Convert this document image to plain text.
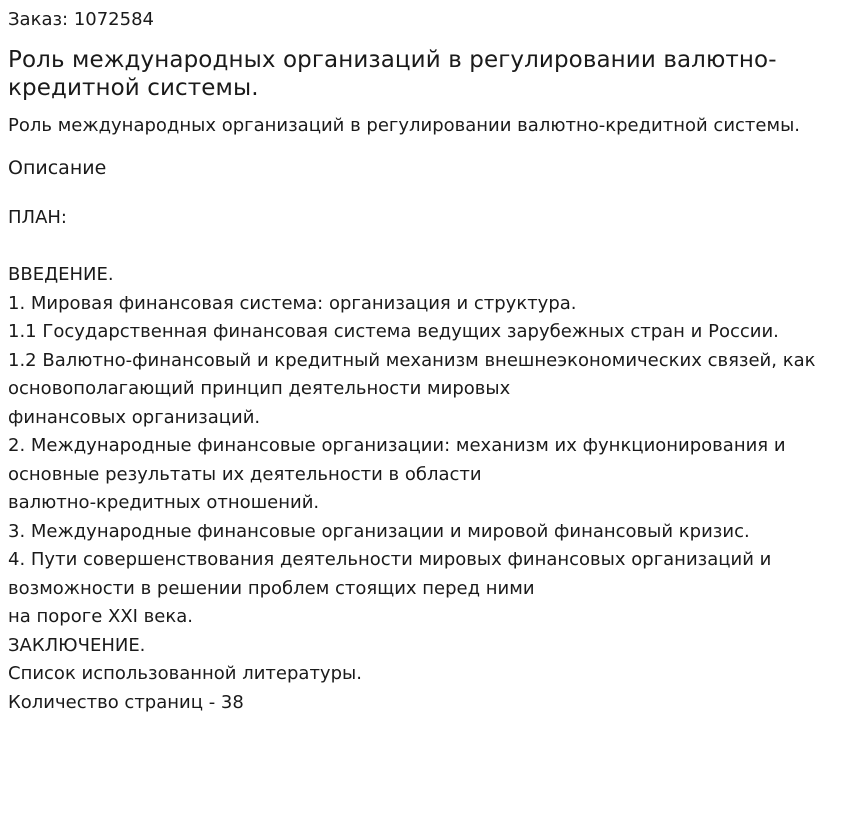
Заказ: 1072584
Роль международных организаций в регулировании валютно-кредитной системы.
Роль международных организаций в регулировании валютно-кредитной системы.
Описание
ПЛАН:
ВВЕДЕНИЕ.
1. Мировая финансовая система: организация и структура.
1.1 Государственная финансовая система ведущих зарубежных стран и России.
1.2 Валютно-финансовый и кредитный механизм внешнеэкономических связей, как основополагающий принцип деятельности мировых
финансовых организаций.
2. Международные финансовые организации: механизм их функционирования и основные результаты их деятельности в области
валютно-кредитных отношений.
3. Международные финансовые организации и мировой финансовый кризис.
4. Пути совершенствования деятельности мировых финансовых организаций и возможности в решении проблем стоящих перед ними
на пороге XXI века.
ЗАКЛЮЧЕНИЕ.
Список использованной литературы.
Количество страниц - 38
